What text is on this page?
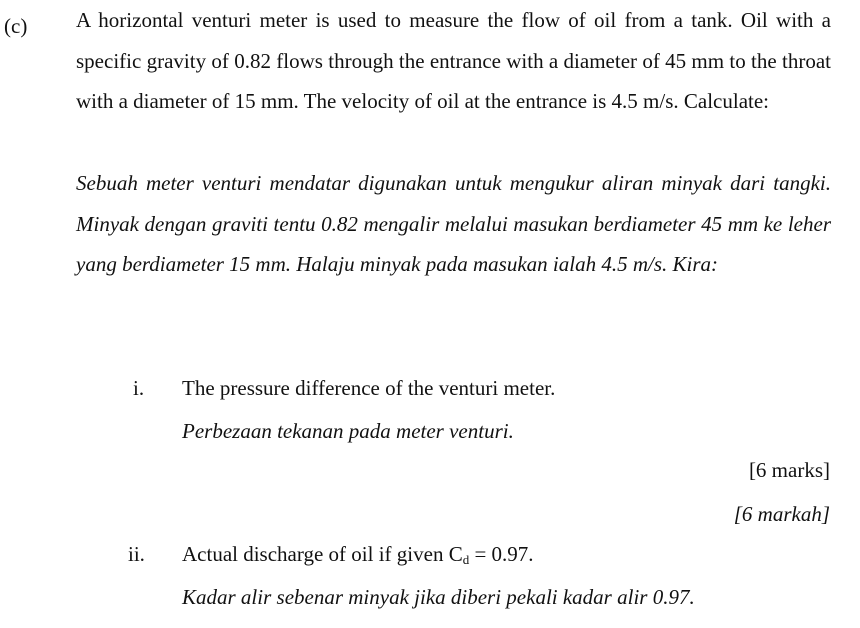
(c) A horizontal venturi meter is used to measure the flow of oil from a tank. Oil with a specific gravity of 0.82 flows through the entrance with a diameter of 45 mm to the throat with a diameter of 15 mm. The velocity of oil at the entrance is 4.5 m/s. Calculate:
Sebuah meter venturi mendatar digunakan untuk mengukur aliran minyak dari tangki. Minyak dengan graviti tentu 0.82 mengalir melalui masukan berdiameter 45 mm ke leher yang berdiameter 15 mm. Halaju minyak pada masukan ialah 4.5 m/s. Kira:
i. The pressure difference of the venturi meter.
Perbezaan tekanan pada meter venturi.
[6 marks]
[6 markah]
ii. Actual discharge of oil if given $C_d = 0.97$.
Kadar alir sebenar minyak jika diberi pekali kadar alir 0.97.
